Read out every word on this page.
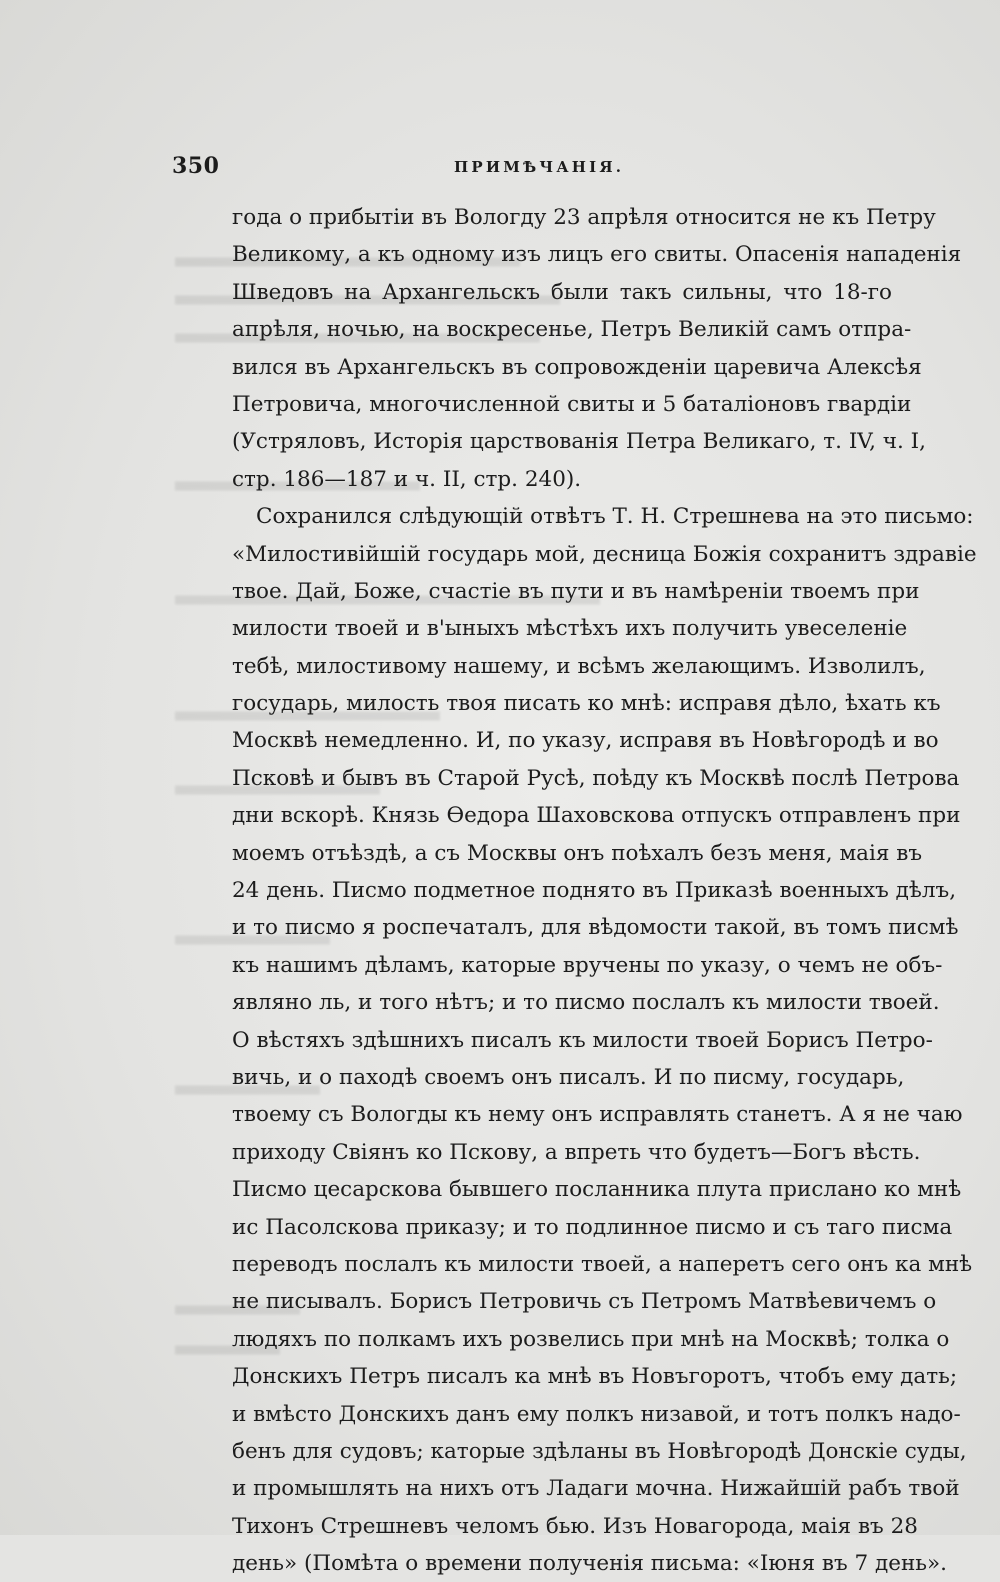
350	ПРИМѢЧАНІЯ.
года о прибытіи въ Вологду 23 апрѣля относится не къ Петру
Великому, а къ одному изъ лицъ его свиты. Опасенія нападенія
Шведовъ на Архангельскъ были такъ сильны, что 18-го
апрѣля, ночью, на воскресенье, Петръ Великій самъ отпра-
вился въ Архангельскъ въ сопровожденіи царевича Алексѣя
Петровича, многочисленной свиты и 5 баталіоновъ гвардіи
(Устряловъ, Исторія царствованія Петра Великаго, т. IV, ч. I,
стр. 186—187 и ч. II, стр. 240).
Сохранился слѣдующій отвѣтъ Т. Н. Стрешнева на это письмо:
«Милостивійшій государь мой, десница Божія сохранитъ здравіе
твое. Дай, Боже, счастіе въ пути и въ намѣреніи твоемъ при
милости твоей и в'ыныхъ мѣстѣхъ ихъ получить увеселеніе
тебѣ, милостивому нашему, и всѣмъ желающимъ. Изволилъ,
государь, милость твоя писать ко мнѣ: исправя дѣло, ѣхать къ
Москвѣ немедленно. И, по указу, исправя въ Новѣгородѣ и во
Псковѣ и бывъ въ Старой Русѣ, поѣду къ Москвѣ послѣ Петрова
дни вскорѣ. Князь Өедора Шаховскова отпускъ отправленъ при
моемъ отъѣздѣ, а съ Москвы онъ поѣхалъ безъ меня, маія въ
24 день. Писмо подметное поднято въ Приказѣ военныхъ дѣлъ,
и то писмо я роспечаталъ, для вѣдомости такой, въ томъ писмѣ
къ нашимъ дѣламъ, каторые вручены по указу, о чемъ не объ-
являно ль, и того нѣтъ; и то писмо послалъ къ милости твоей.
О вѣстяхъ здѣшнихъ писалъ къ милости твоей Борисъ Петро-
вичь, и о паходѣ своемъ онъ писалъ. И по писму, государь,
твоему съ Вологды къ нему онъ исправлять станетъ. А я не чаю
приходу Свіянъ ко Пскову, а впреть что будетъ—Богъ вѣсть.
Писмо цесарскова бывшего посланника плута прислано ко мнѣ
ис Пасолскова приказу; и то подлинное писмо и съ таго писма
переводъ послалъ къ милости твоей, а наперетъ сего онъ ка мнѣ
не писывалъ. Борисъ Петровичь съ Петромъ Матвѣевичемъ о
людяхъ по полкамъ ихъ розвелись при мнѣ на Москвѣ; толка о
Донскихъ Петръ писалъ ка мнѣ въ Новъгоротъ, чтобъ ему дать;
и вмѣсто Донскихъ данъ ему полкъ низавой, и тотъ полкъ надо-
бенъ для судовъ; каторые здѣланы въ Новѣгородѣ Донскіе суды,
и промышлять на нихъ отъ Ладаги мочна. Нижайшій рабъ твой
Тихонъ Стрешневъ челомъ бью. Изъ Новагорода, маія въ 28
день» (Помѣта о времени полученія письма: «Іюня въ 7 день».
